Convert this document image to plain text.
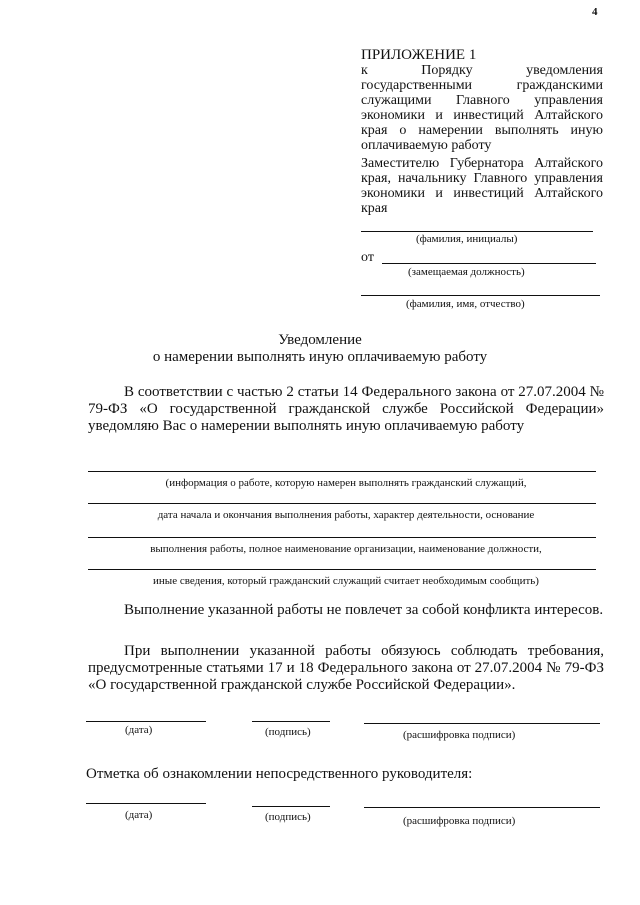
4
ПРИЛОЖЕНИЕ 1
к Порядку уведомления государственными гражданскими служащими Главного управления экономики и инвестиций Алтайского края о намерении выполнять иную оплачиваемую работу
Заместителю Губернатора Алтайского края, начальнику Главного управления экономики и инвестиций Алтайского края
(фамилия, инициалы)
от
(замещаемая должность)
(фамилия, имя, отчество)
Уведомление
о намерении выполнять иную оплачиваемую работу
В соответствии с частью 2 статьи 14 Федерального закона от 27.07.2004 № 79-ФЗ «О государственной гражданской службе Российской Федерации» уведомляю Вас о намерении выполнять иную оплачиваемую работу
(информация о работе, которую намерен выполнять гражданский служащий,
дата начала и окончания выполнения работы, характер деятельности, основание
выполнения работы, полное наименование организации, наименование должности,
иные сведения, который гражданский служащий считает необходимым сообщить)
Выполнение указанной работы не повлечет за собой конфликта интересов.
При выполнении указанной работы обязуюсь соблюдать требования, предусмотренные статьями 17 и 18 Федерального закона от 27.07.2004 № 79-ФЗ «О государственной гражданской службе Российской Федерации».
(дата)	(подпись)	(расшифровка подписи)
Отметка об ознакомлении непосредственного руководителя:
(дата)	(подпись)	(расшифровка подписи)
